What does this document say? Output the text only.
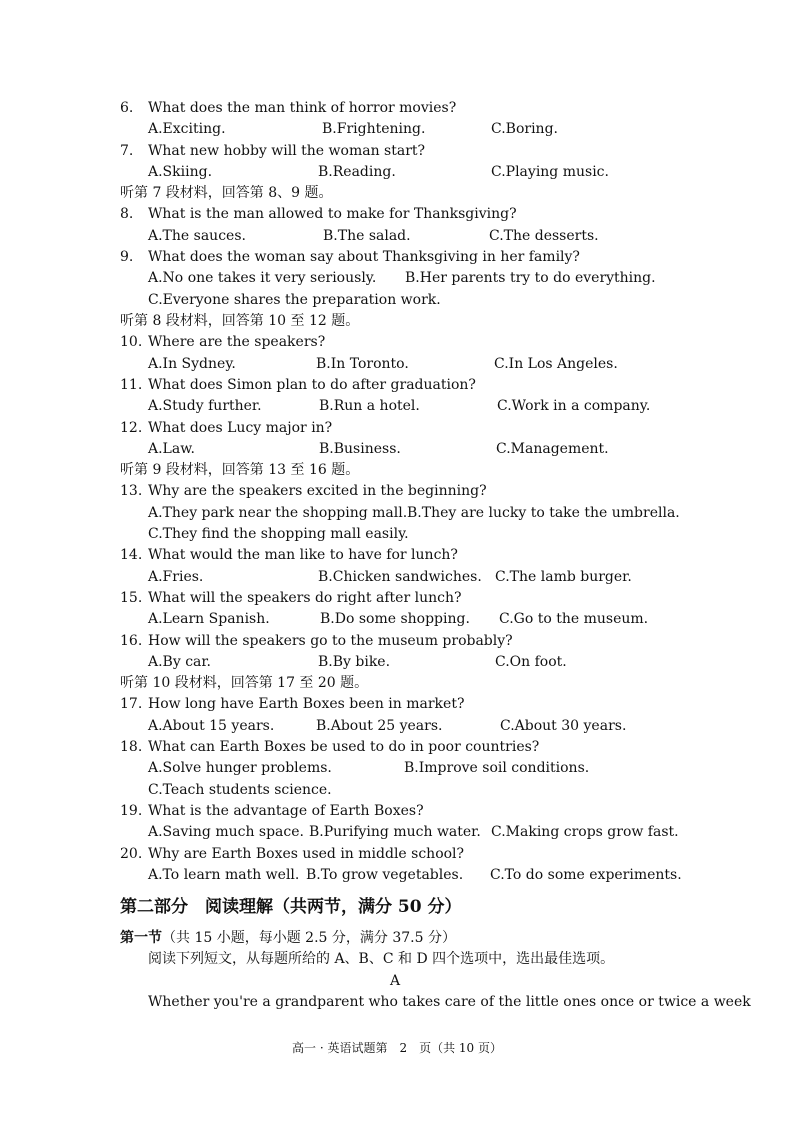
6. What does the man think of horror movies?
A.Exciting.	B.Frightening.	C.Boring.
7. What new hobby will the woman start?
A.Skiing.	B.Reading.	C.Playing music.
听第 7 段材料，回答第 8、9 题。
8. What is the man allowed to make for Thanksgiving?
A.The sauces.	B.The salad.	C.The desserts.
9. What does the woman say about Thanksgiving in her family?
A.No one takes it very seriously. B.Her parents try to do everything.
C.Everyone shares the preparation work.
听第 8 段材料，回答第 10 至 12 题。
10. Where are the speakers?
A.In Sydney.	B.In Toronto.	C.In Los Angeles.
11. What does Simon plan to do after graduation?
A.Study further.	B.Run a hotel.	C.Work in a company.
12. What does Lucy major in?
A.Law.	B.Business.	C.Management.
听第 9 段材料，回答第 13 至 16 题。
13. Why are the speakers excited in the beginning?
A.They park near the shopping mall. B.They are lucky to take the umbrella.
C.They find the shopping mall easily.
14. What would the man like to have for lunch?
A.Fries.	B.Chicken sandwiches. C.The lamb burger.
15. What will the speakers do right after lunch?
A.Learn Spanish.	B.Do some shopping. C.Go to the museum.
16. How will the speakers go to the museum probably?
A.By car.	B.By bike.	C.On foot.
听第 10 段材料，回答第 17 至 20 题。
17. How long have Earth Boxes been in market?
A.About 15 years.	B.About 25 years.	C.About 30 years.
18. What can Earth Boxes be used to do in poor countries?
A.Solve hunger problems.	B.Improve soil conditions.
C.Teach students science.
19. What is the advantage of Earth Boxes?
A.Saving much space. B.Purifying much water. C.Making crops grow fast.
20. Why are Earth Boxes used in middle school?
A.To learn math well. B.To grow vegetables. C.To do some experiments.
第二部分　阅读理解（共两节，满分 50 分）
第一节（共 15 小题，每小题 2.5 分，满分 37.5 分）
阅读下列短文，从每题所给的 A、B、C 和 D 四个选项中，选出最佳选项。
A
Whether you're a grandparent who takes care of the little ones once or twice a week
高一 · 英语试题第　2　页（共 10 页）
